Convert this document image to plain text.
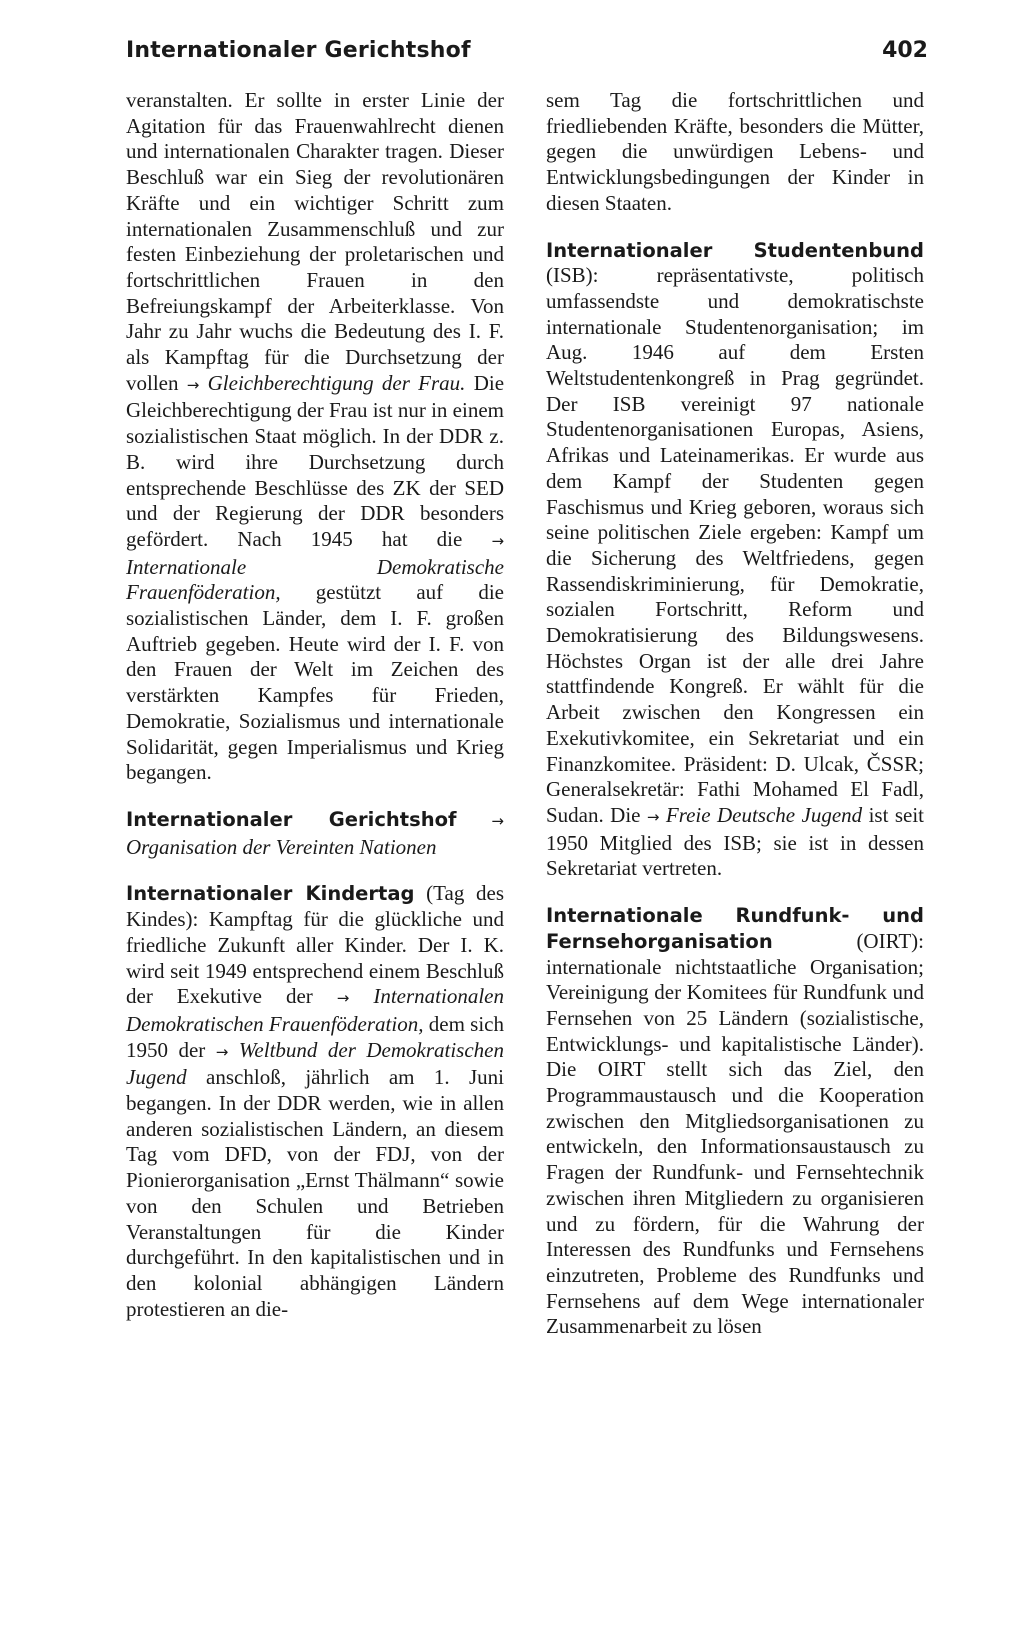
Internationaler Gerichtshof	402

veranstalten. Er sollte in erster Linie der Agitation für das Frauenwahlrecht dienen und internationalen Charakter tragen. Dieser Beschluß war ein Sieg der revolutionären Kräfte und ein wichtiger Schritt zum internationalen Zusammenschluß und zur festen Einbeziehung der proletarischen und fortschrittlichen Frauen in den Befreiungskampf der Arbeiterklasse. Von Jahr zu Jahr wuchs die Bedeutung des I. F. als Kampftag für die Durchsetzung der vollen → Gleichberechtigung der Frau. Die Gleichberechtigung der Frau ist nur in einem sozialistischen Staat möglich. In der DDR z. B. wird ihre Durchsetzung durch entsprechende Beschlüsse des ZK der SED und der Regierung der DDR besonders gefördert. Nach 1945 hat die → Internationale Demokratische Frauenföderation, gestützt auf die sozialistischen Länder, dem I. F. großen Auftrieb gegeben. Heute wird der I. F. von den Frauen der Welt im Zeichen des verstärkten Kampfes für Frieden, Demokratie, Sozialismus und internationale Solidarität, gegen Imperialismus und Krieg begangen.

Internationaler Gerichtshof → Organisation der Vereinten Nationen

Internationaler Kindertag (Tag des Kindes): Kampftag für die glückliche und friedliche Zukunft aller Kinder. Der I. K. wird seit 1949 entsprechend einem Beschluß der Exekutive der → Internationalen Demokratischen Frauenföderation, dem sich 1950 der → Weltbund der Demokratischen Jugend anschloß, jährlich am 1. Juni begangen. In der DDR werden, wie in allen anderen sozialistischen Ländern, an diesem Tag vom DFD, von der FDJ, von der Pionierorganisation „Ernst Thälmann“ sowie von den Schulen und Betrieben Veranstaltungen für die Kinder durchgeführt. In den kapitalistischen und in den kolonial abhängigen Ländern protestieren an die-

sem Tag die fortschrittlichen und friedliebenden Kräfte, besonders die Mütter, gegen die unwürdigen Lebens- und Entwicklungsbedingungen der Kinder in diesen Staaten.

Internationaler Studentenbund (ISB): repräsentativste, politisch umfassendste und demokratischste internationale Studentenorganisation; im Aug. 1946 auf dem Ersten Weltstudentenkongreß in Prag gegründet. Der ISB vereinigt 97 nationale Studentenorganisationen Europas, Asiens, Afrikas und Lateinamerikas. Er wurde aus dem Kampf der Studenten gegen Faschismus und Krieg geboren, woraus sich seine politischen Ziele ergeben: Kampf um die Sicherung des Weltfriedens, gegen Rassendiskriminierung, für Demokratie, sozialen Fortschritt, Reform und Demokratisierung des Bildungswesens. Höchstes Organ ist der alle drei Jahre stattfindende Kongreß. Er wählt für die Arbeit zwischen den Kongressen ein Exekutivkomitee, ein Sekretariat und ein Finanzkomitee. Präsident: D. Ulcak, ČSSR; Generalsekretär: Fathi Mohamed El Fadl, Sudan. Die → Freie Deutsche Jugend ist seit 1950 Mitglied des ISB; sie ist in dessen Sekretariat vertreten.

Internationale Rundfunk- und Fernsehorganisation	(OIRT): internationale nichtstaatliche Organisation; Vereinigung der Komitees für Rundfunk und Fernsehen von 25 Ländern (sozialistische, Entwicklungs- und kapitalistische Länder). Die OIRT stellt sich das Ziel, den Programmaustausch und die Kooperation zwischen den Mitgliedsorganisationen zu entwickeln, den Informationsaustausch zu Fragen der Rundfunk- und Fernsehtechnik zwischen ihren Mitgliedern zu organisieren und zu fördern, für die Wahrung der Interessen des Rundfunks und Fernsehens einzutreten, Probleme des Rundfunks und Fernsehens auf dem Wege internationaler Zusammenarbeit zu lösen
